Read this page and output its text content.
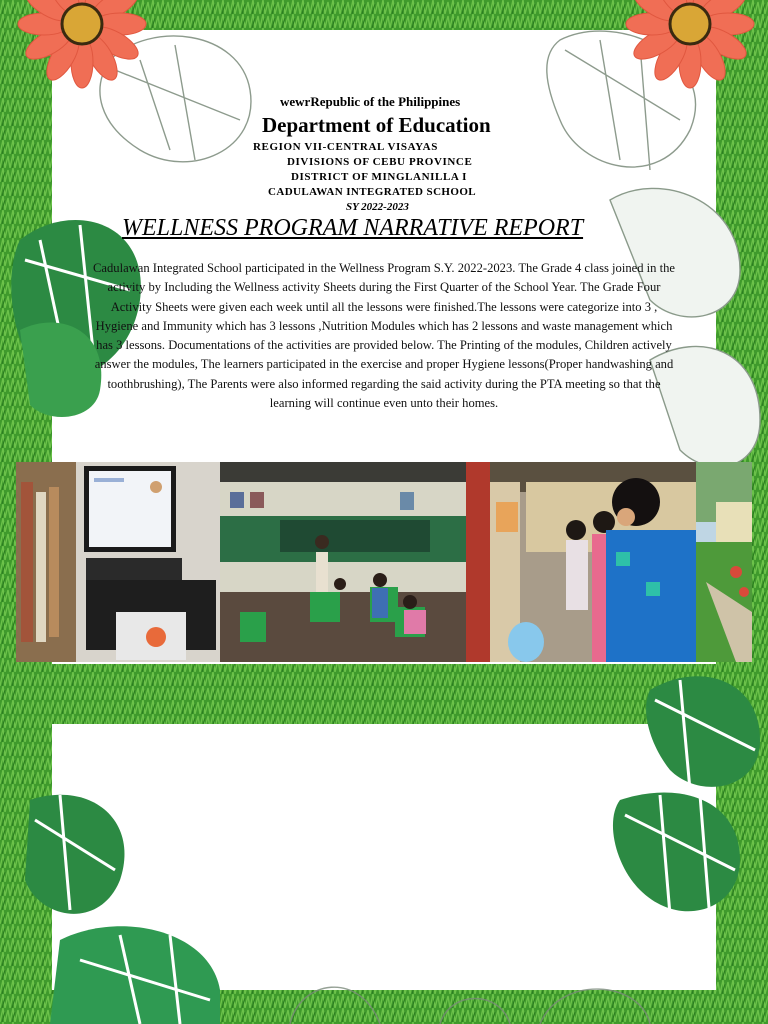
wewrRepublic of the Philippines
Department of Education
REGION VII-CENTRAL VISAYAS
DIVISIONS OF CEBU PROVINCE
DISTRICT OF MINGLANILLA I
CADULAWAN INTEGRATED SCHOOL
SY 2022-2023
WELLNESS PROGRAM NARRATIVE REPORT
Cadulawan Integrated School participated in the Wellness Program S.Y. 2022-2023. The Grade 4 class joined in the activity by Including the Wellness activity Sheets during the First Quarter of the School Year. The Grade Four Activity Sheets were given each week until all the lessons were finished.The lessons were categorize into 3 , Hygiene and Immunity which has 3 lessons ,Nutrition Modules which has 2 lessons and waste management which has 3 lessons. Documentations of the activities are provided below. The Printing of the modules, Children actively answer the modules, The learners participated in the exercise and proper Hygiene lessons(Proper handwashing and toothbrushing), The Parents were also informed regarding the said activity during the PTA meeting so that the learning will continue even unto their homes.
